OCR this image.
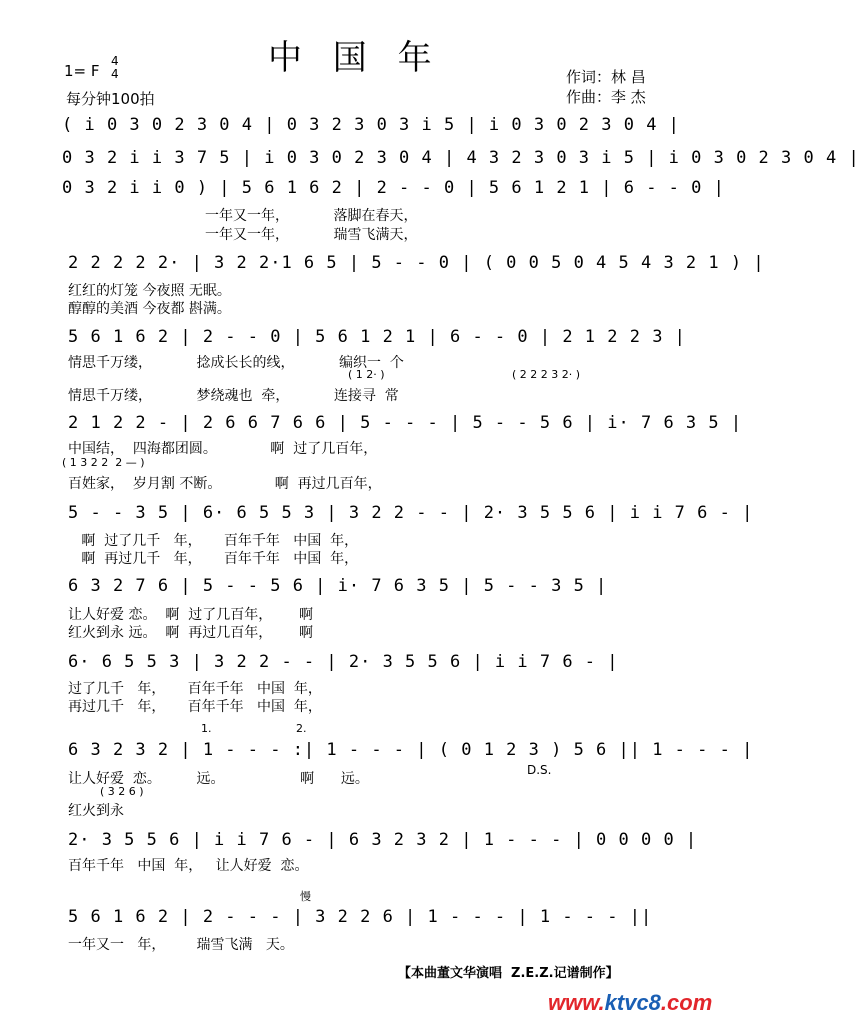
中 国 年
1= F
4
4
每分钟100拍
作词：林 昌
作曲：李 杰
( i 0 3 0 2 3 0 4 | 0 3 2 3 0 3 i 5 | i 0 3 0 2 3 0 4 |
0 3 2 i i 3 7 5 | i 0 3 0 2 3 0 4 | 4 3 2 3 0 3 i 5 | i 0 3 0 2 3 0 4 |
0 3 2 i i 0 ) | 5 6 1 6 2 | 2 - - 0 | 5 6 1 2 1 | 6 - - 0 |
一年又一年，          落脚在春天，
一年又一年，          瑞雪飞满天，
2 2 2 2 2· | 3 2 2·1 6 5 | 5 - - 0 | ( 0 0 5 0 4 5 4 3 2 1 ) |
红红的灯笼 今夜照 无眠。
醇醇的美酒 今夜都 斟满。
5 6 1 6 2 | 2 - - 0 | 5 6 1 2 1 | 6 - - 0 | 2 1 2 2 3 |
情思千万缕，          捻成长长的线，          编织一  个
( 1 2· )	( 2 2 2 3 2· )
情思千万缕，          梦绕魂也  牵，          连接寻  常
2 1 2 2 - | 2 6 6 7 6 6 | 5 - - - | 5 - - 5 6 | i· 7 6 3 5 |
中国结，  四海都团圆。            啊  过了几百年，
( 1 3 2 2  2 — )
百姓家，  岁月割 不断。            啊  再过几百年，
5 - - 3 5 | 6· 6 5 5 3 | 3 2 2 - - | 2· 3 5 5 6 | i i 7 6 - |
啊  过了几千   年，     百年千年   中国  年，
啊  再过几千   年，     百年千年   中国  年，
6 3 2 7 6 | 5 - - 5 6 | i· 7 6 3 5 | 5 - - 3 5 |
让人好爱 恋。  啊  过了几百年，      啊
红火到永 远。  啊  再过几百年，      啊
6· 6 5 5 3 | 3 2 2 - - | 2· 3 5 5 6 | i i 7 6 - |
过了几千   年，     百年千年   中国  年，
再过几千   年，     百年千年   中国  年，
1.	2.
6 3 2 3 2 | 1 - - - :| 1 - - - | ( 0 1 2 3 ) 5 6 || 1 - - - |
D.S.
让人好爱  恋。        远。                 啊      远。
( 3 2 6 )
红火到永
2· 3 5 5 6 | i i 7 6 - | 6 3 2 3 2 | 1 - - - | 0 0 0 0 |
百年千年   中国  年，   让人好爱  恋。
慢
5 6 1 6 2 | 2 - - - | 3 2 2 6 | 1 - - - | 1 - - - ||
一年又一   年，       瑞雪飞满   天。
【本曲董文华演唱  Z.E.Z.记谱制作】
www.ktvc8.com
